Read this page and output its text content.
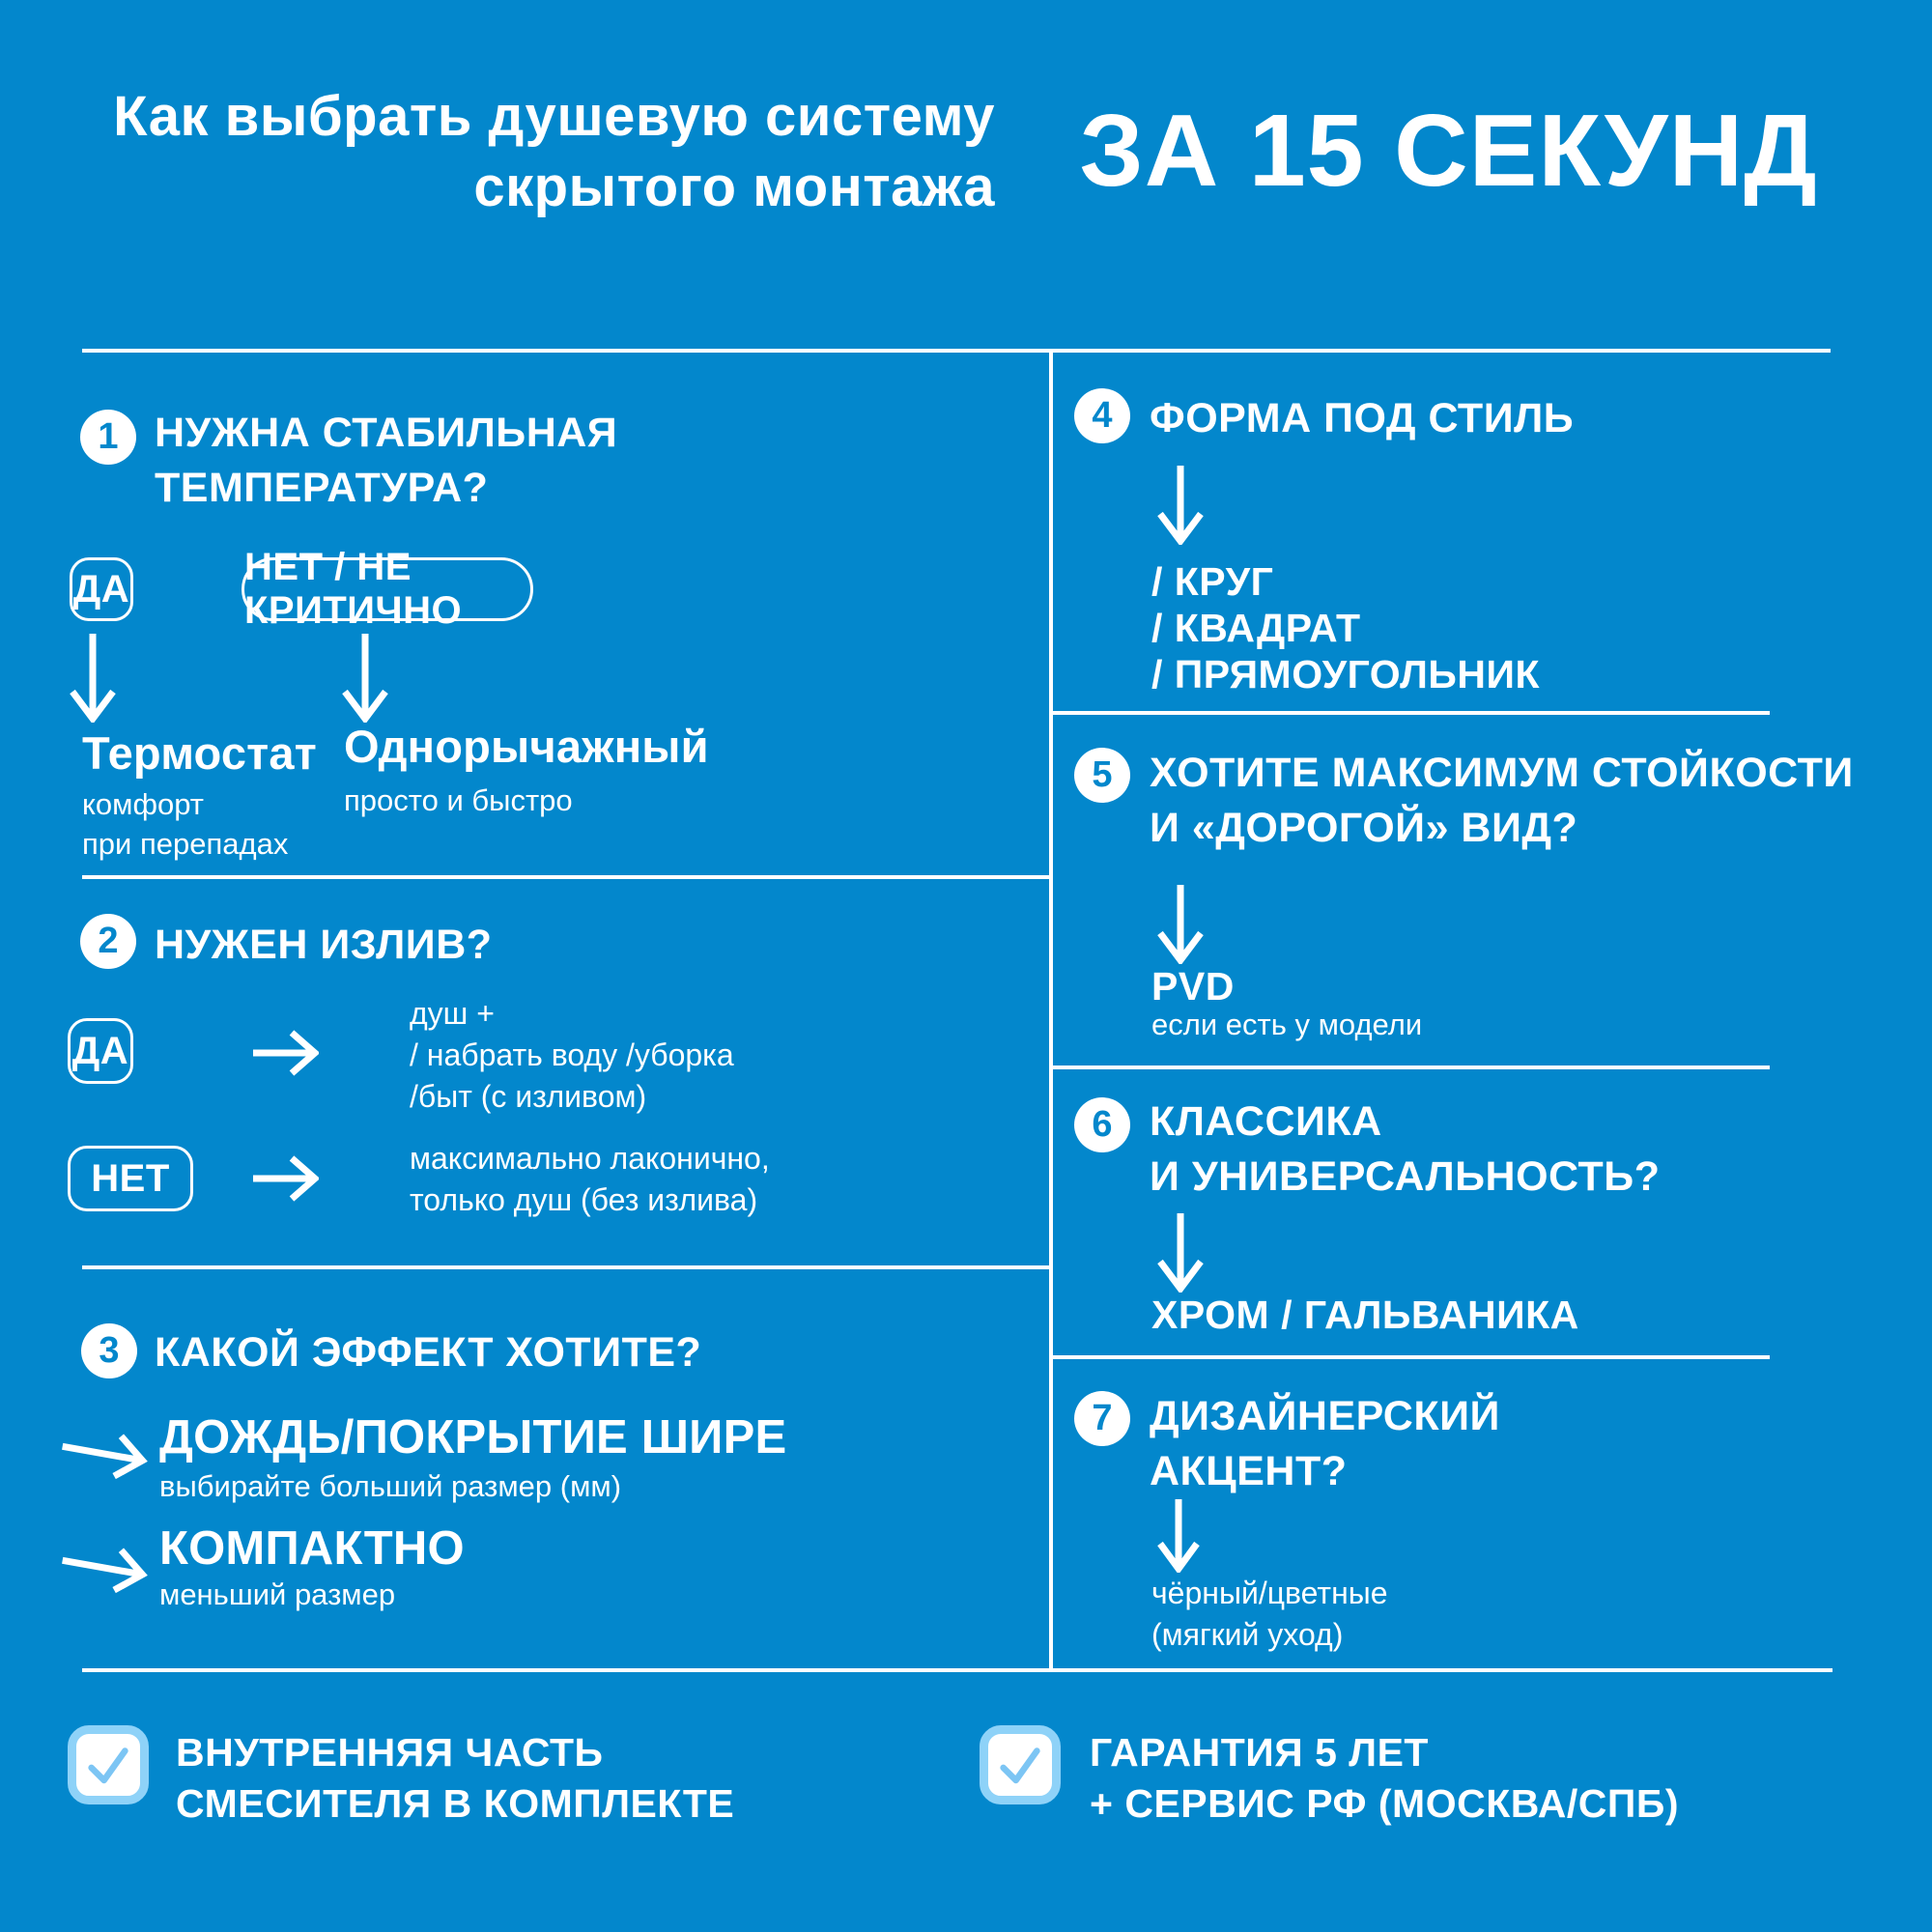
Как выбрать душевую систему скрытого монтажа ЗА 15 СЕКУНД
1 НУЖНА СТАБИЛЬНАЯ
ТЕМПЕРАТУРА?
ДА
НЕТ / НЕ КРИТИЧНО
Термостат
комфорт
при перепадах
Однорычажный
просто и быстро
2 НУЖЕН ИЗЛИВ?
ДА
душ +
/ набрать воду /уборка
/быт (с изливом)
НЕТ	максимально лаконично,
только душ (без излива)
3 КАКОЙ ЭФФЕКТ ХОТИТЕ?
ДОЖДЬ/ПОКРЫТИЕ ШИРЕ
выбирайте больший размер (мм)
КОМПАКТНО
меньший размер
4 ФОРМА ПОД СТИЛЬ
/ КРУГ
/ КВАДРАТ
/ ПРЯМОУГОЛЬНИК
5 ХОТИТЕ МАКСИМУМ СТОЙКОСТИ
И «ДОРОГОЙ» ВИД?
PVD
если есть у модели
6 КЛАССИКА
И УНИВЕРСАЛЬНОСТЬ?
ХРОМ / ГАЛЬВАНИКА
7 ДИЗАЙНЕРСКИЙ
АКЦЕНТ?
чёрный/цветные
(мягкий уход)
ВНУТРЕННЯЯ ЧАСТЬ
СМЕСИТЕЛЯ В КОМПЛЕКТЕ
ГАРАНТИЯ 5 ЛЕТ
+ СЕРВИС РФ (МОСКВА/СПБ)
